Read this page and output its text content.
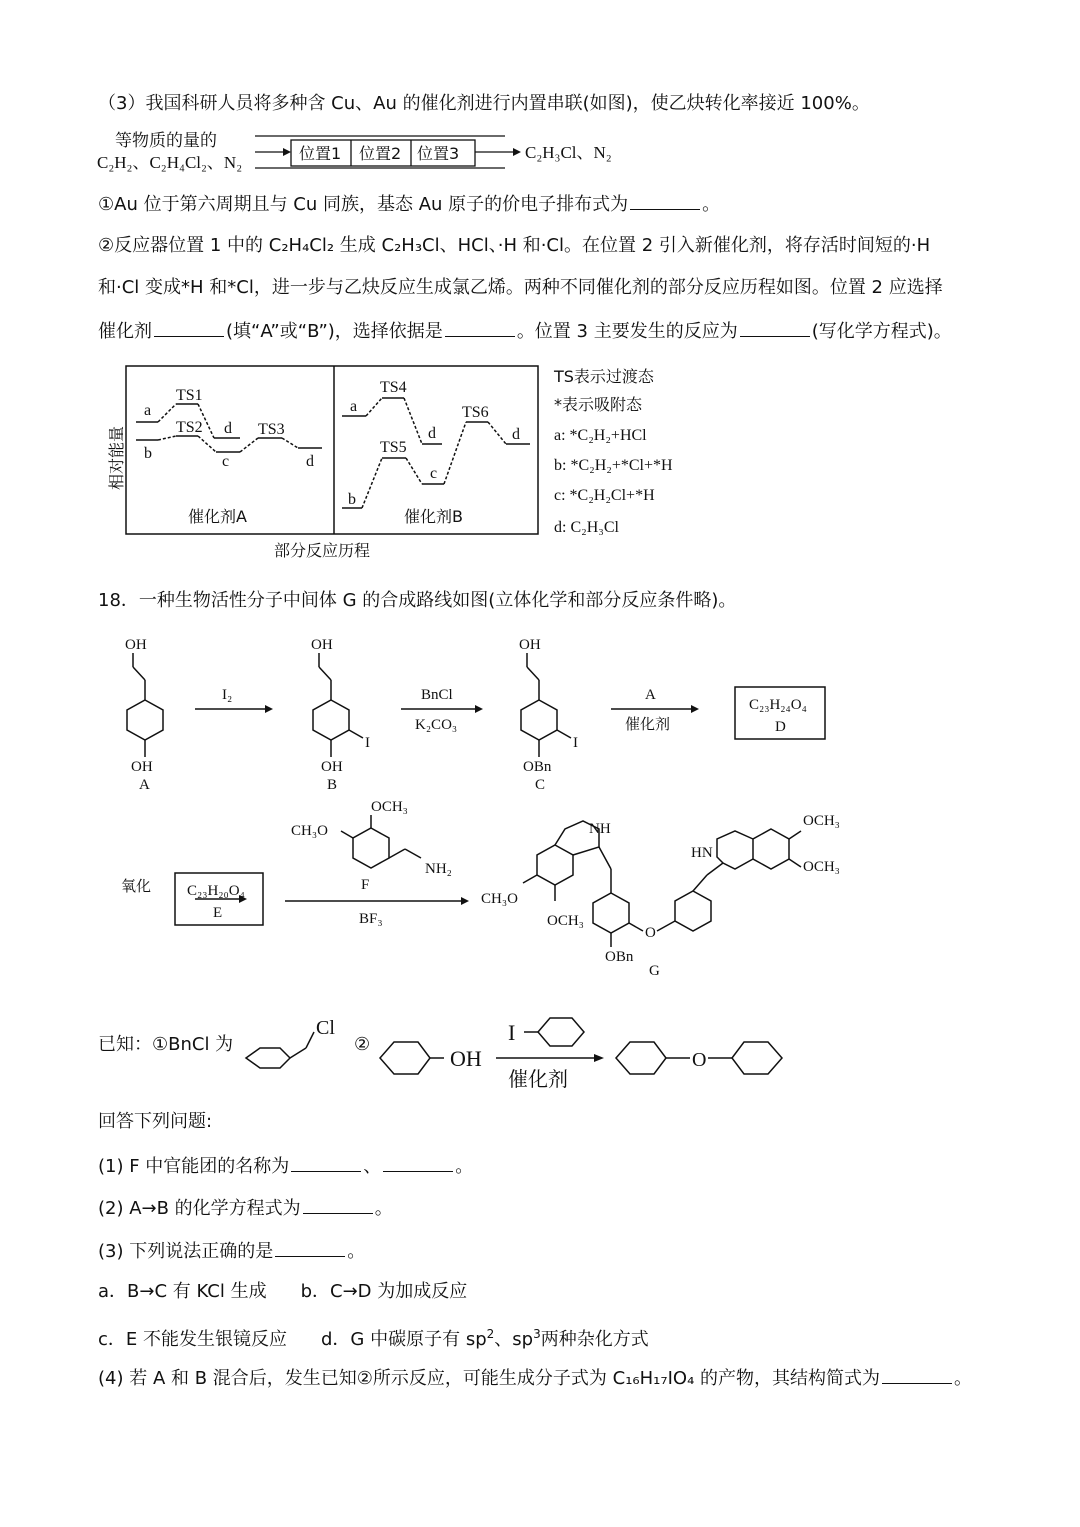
（3）我国科研人员将多种含 Cu、Au 的催化剂进行内置串联(如图)，使乙炔转化率接近 100%。
等物质的量的
C₂H₂、C₂H₄Cl₂、N₂	位置1 位置2 位置3	C₂H₃Cl、N₂
①Au 位于第六周期且与 Cu 同族，基态 Au 原子的价电子排布式为	。
②反应器位置 1 中的 C₂H₄Cl₂ 生成 C₂H₃Cl、HCl、·H 和·Cl。在位置 2 引入新催化剂，将存活时间短的·H
和·Cl 变成*H 和*Cl，进一步与乙炔反应生成氯乙烯。两种不同催化剂的部分反应历程如图。位置 2 应选择
催化剂	(填“A”或“B”)，选择依据是	。位置 3 主要发生的反应为	(写化学方程式)。
相对能量
a
TS1
TS2 d
b	c
TS3
d
催化剂A
a
TS4
d
TS6
d
TS5
c
b
催化剂B
部分反应历程
TS表示过渡态
*表示吸附态
a: *C₂H₂+HCl
b: *C₂H₂+*Cl+*H
c: *C₂H₂Cl+*H
d: C₂H₃Cl
18．一种生物活性分子中间体 G 的合成路线如图(立体化学和部分反应条件略)。
OH
OH
A
I₂
OH
OH
I
B
BnCl
K₂CO₃
OH
OBn
I
C
A
催化剂
C₂₃H₂₄O₄
D
氧化 C₂₃H₂₀O₄
E
OCH₃
CH₃O
NH₂
F
BF₃
NH
HN
OCH₃
OCH₃
CH₃O
OCH₃
O
OBn
G
已知：①BnCl 为
Cl
②
OH
I
催化剂
O
回答下列问题:
(1) F 中官能团的名称为	、	。
(2) A→B 的化学方程式为	。
(3) 下列说法正确的是	。
a．B→C 有 KCl 生成 b．C→D 为加成反应
c．E 不能发生银镜反应 d．G 中碳原子有 $sp^2$、$sp^3$两种杂化方式
(4) 若 A 和 B 混合后，发生已知②所示反应，可能生成分子式为 C₁₆H₁₇IO₄ 的产物，其结构简式为	。
